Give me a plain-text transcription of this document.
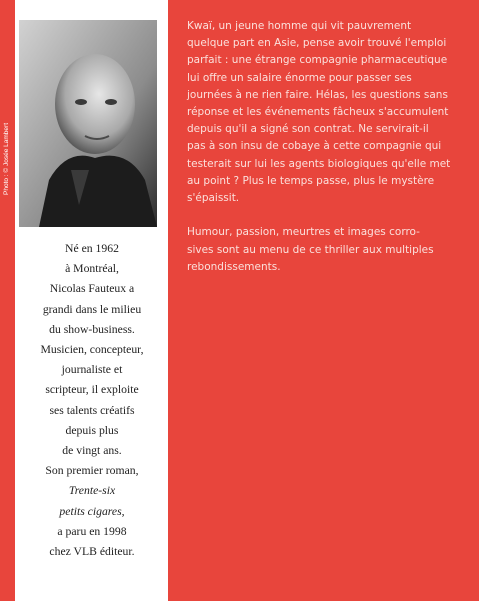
Photo : © Josée Lambert
Né en 1962
à Montréal,
Nicolas Fauteux a
grandi dans le milieu
du show-business.
Musicien, concepteur,
journaliste et
scripteur, il exploite
ses talents créatifs
depuis plus
de vingt ans.
Son premier roman,
Trente-six
petits cigares,
a paru en 1998
chez VLB éditeur.
Kwaï, un jeune homme qui vit pauvrement
quelque part en Asie, pense avoir trouvé l'emploi
parfait : une étrange compagnie pharmaceutique
lui offre un salaire énorme pour passer ses
journées à ne rien faire. Hélas, les questions sans
réponse et les événements fâcheux s'accumulent
depuis qu'il a signé son contrat. Ne servirait-il
pas à son insu de cobaye à cette compagnie qui
testerait sur lui les agents biologiques qu'elle met
au point ? Plus le temps passe, plus le mystère
s'épaissit.
Humour, passion, meurtres et images corro-
sives sont au menu de ce thriller aux multiples
rebondissements.
